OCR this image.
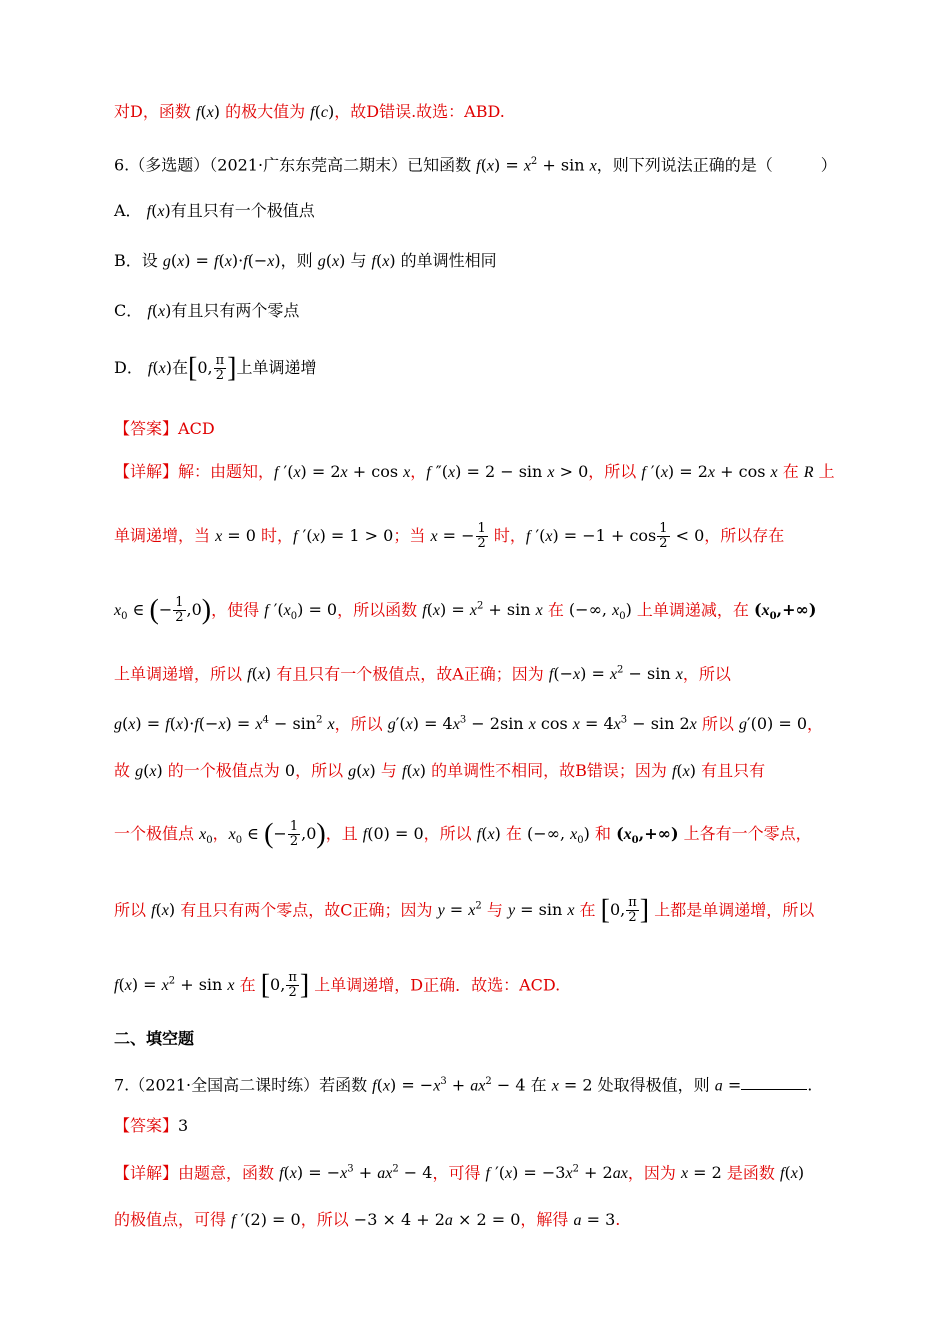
对D，函数 f(x) 的极大值为 f(c)，故D错误.故选：ABD.
6.（多选题）（2021·广东东莞高二期末）已知函数 $f(x) = x^2 + \sin x$，则下列说法正确的是（　　　）
A． f(x)有且只有一个极值点
B．设 g(x) = f(x)·f(−x)，则 g(x) 与 f(x) 的单调性相同
C． f(x)有且只有两个零点
D． f(x)在[0, $\frac{\pi}{2}$ ]上单调递增
【答案】ACD
【详解】解：由题知，f ′(x) = 2x + cos x，f ″(x) = 2 − sin x > 0，所以 f ′(x) = 2x + cos x 在 R 上
单调递增，当 x = 0 时，f ′(x) = 1 > 0；当 x = − $\frac{1}{2}$ 时，f $'(x) = -1 + \cos \frac{1}{2} < 0$，所以存在
$x_0$ ∈ (− $\frac{1}{2} ,0$)，使得 f $'(x_0) = 0$，所以函数 $f(x) = x^2 + \sin x$ 在 (−∞, $x_0$) 上单调递减，在 $(x_0,+\infty)$
上单调递增，所以 f(x) 有且只有一个极值点，故A正确；因为 $f(-x) = x^2 - \sin x$，所以
$g(x) = f(x)\cdot f(-x) = x^4 - \sin^2 x$，所以 $g'(x) = 4x^3 - 2\sin$ x $\cos x = 4x^3 - \sin 2x$ 所以 g′(0) = 0，
故 g(x) 的一个极值点为 0，所以 g(x) 与 f(x) 的单调性不相同，故B错误；因为 f(x) 有且只有
一个极值点 $x_0$，$x_0$ ∈ (− $\frac{1}{2} ,0$)，且 f(0) = 0，所以 f(x) 在 (−∞, $x_0$) 和 $(x_0,+\infty)$ 上各有一个零点，
所以 f(x) 有且只有两个零点，故C正确；因为 $y = x^2$ 与 y = sin x 在 [0, $\frac{\pi}{2}$ ] 上都是单调递增，所以
$f(x) = x^2 + \sin x$ 在 [0, $\frac{\pi}{2}$ ] 上单调递增，D正确．故选：ACD.
二、填空题
7.（2021·全国高二课时练）若函数 $f(x) = -x^3 + ax^2 - 4$ 在 x = 2 处取得极值，则 a =	.
【答案】3
【详解】由题意，函数 $f(x) = -x^3 + ax^2 - 4$，可得 f $'(x) = -3x^2 + 2ax$，因为 x = 2 是函数 f(x)
的极值点，可得 f ′(2) = 0，所以 −3 × 4 + 2a × 2 = 0，解得 a = 3.
